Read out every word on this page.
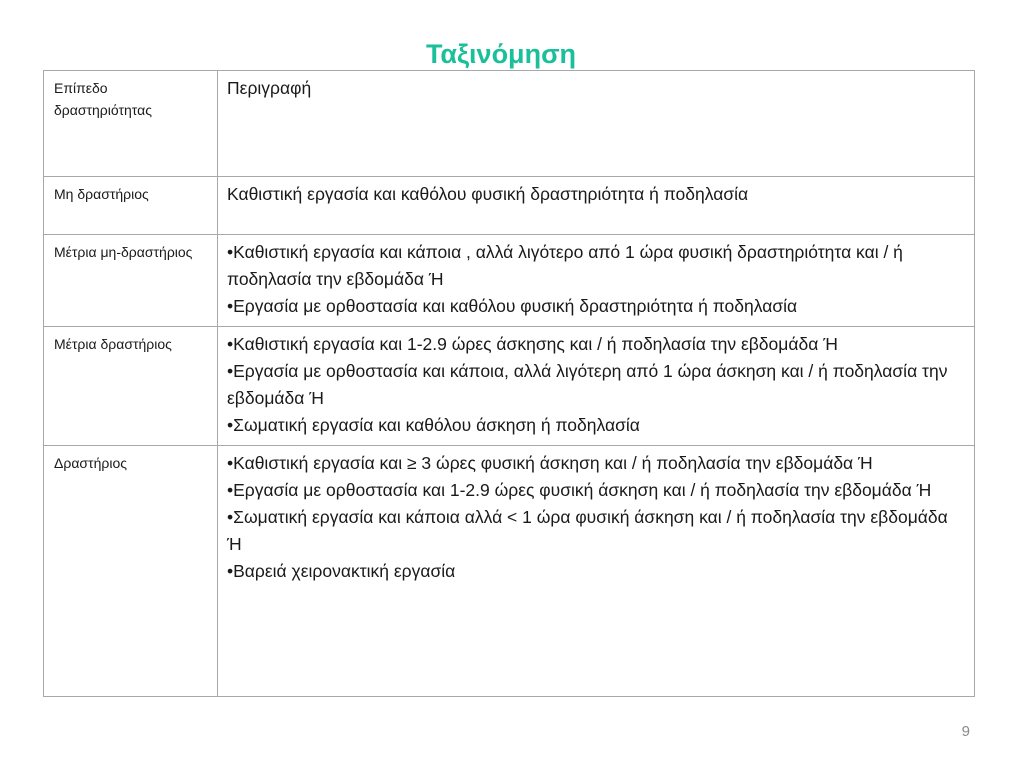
Ταξινόμηση
Επίπεδο δραστηριότητας	Περιγραφή
Μη δραστήριος	Καθιστική εργασία και καθόλου φυσική δραστηριότητα ή ποδηλασία

Μέτρια μη-δραστήριος	•Καθιστική εργασία και κάποια , αλλά λιγότερο από 1 ώρα φυσική δραστηριότητα και / ή ποδηλασία την εβδομάδα Ή
•Εργασία με ορθοστασία και καθόλου φυσική δραστηριότητα ή ποδηλασία

Μέτρια δραστήριος	•Καθιστική εργασία και 1-2.9 ώρες άσκησης και / ή ποδηλασία την εβδομάδα Ή
•Εργασία με ορθοστασία και κάποια, αλλά λιγότερη από 1 ώρα άσκηση και / ή ποδηλασία την εβδομάδα Ή
•Σωματική εργασία και καθόλου άσκηση ή ποδηλασία

Δραστήριος	•Καθιστική εργασία και ≥ 3 ώρες φυσική άσκηση και / ή ποδηλασία την εβδομάδα Ή
•Εργασία με ορθοστασία και 1-2.9 ώρες φυσική άσκηση και / ή ποδηλασία την εβδομάδα Ή
•Σωματική εργασία και κάποια αλλά < 1 ώρα φυσική άσκηση και / ή ποδηλασία την εβδομάδα Ή
•Βαρειά χειρονακτική εργασία
9
